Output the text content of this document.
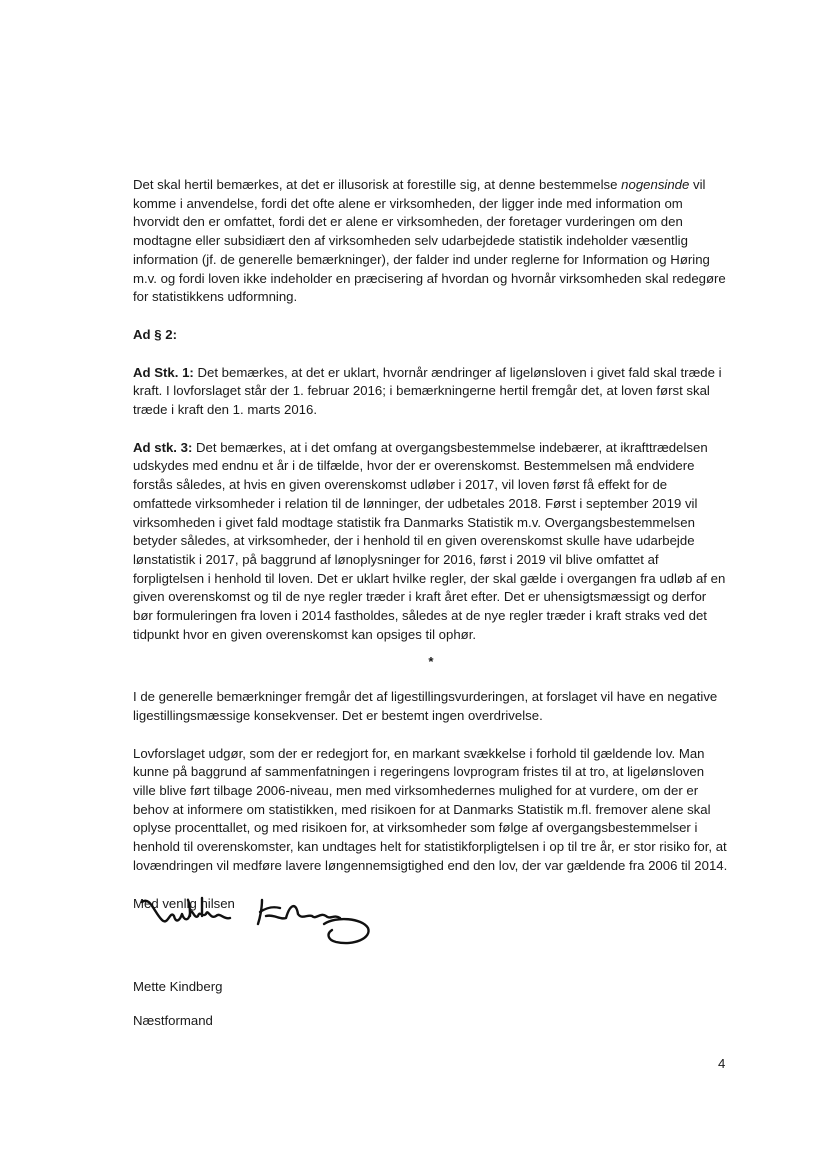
Det skal hertil bemærkes, at det er illusorisk at forestille sig, at denne bestemmelse nogensinde vil komme i anvendelse, fordi det ofte alene er virksomheden, der ligger inde med information om hvorvidt den er omfattet, fordi det er alene er virksomheden, der foretager vurderingen om den modtagne eller subsidiært den af virksomheden selv udarbejdede statistik indeholder væsentlig information (jf. de generelle bemærkninger), der falder ind under reglerne for Information og Høring m.v. og fordi loven ikke indeholder en præcisering af hvordan og hvornår virksomheden skal redegøre for statistikkens udformning.

Ad § 2:

Ad Stk. 1: Det bemærkes, at det er uklart, hvornår ændringer af ligelønsloven i givet fald skal træde i kraft. I lovforslaget står der 1. februar 2016; i bemærkningerne hertil fremgår det, at loven først skal træde i kraft den 1. marts 2016.

Ad stk. 3: Det bemærkes, at i det omfang at overgangsbestemmelse indebærer, at ikrafttrædelsen udskydes med endnu et år i de tilfælde, hvor der er overenskomst. Bestemmelsen må endvidere forstås således, at hvis en given overenskomst udløber i 2017, vil loven først få effekt for de omfattede virksomheder i relation til de lønninger, der udbetales 2018. Først i september 2019 vil virksomheden i givet fald modtage statistik fra Danmarks Statistik m.v. Overgangsbestemmelsen betyder således, at virksomheder, der i henhold til en given overenskomst skulle have udarbejde lønstatistik i 2017, på baggrund af lønoplysninger for 2016, først i 2019 vil blive omfattet af forpligtelsen i henhold til loven. Det er uklart hvilke regler, der skal gælde i overgangen fra udløb af en given overenskomst og til de nye regler træder i kraft året efter. Det er uhensigtsmæssigt og derfor bør formuleringen fra loven i 2014 fastholdes, således at de nye regler træder i kraft straks ved det tidpunkt hvor en given overenskomst kan opsiges til ophør.

*

I de generelle bemærkninger fremgår det af ligestillingsvurderingen, at forslaget vil have en negative ligestillingsmæssige konsekvenser. Det er bestemt ingen overdrivelse.

Lovforslaget udgør, som der er redegjort for, en markant svækkelse i forhold til gældende lov. Man kunne på baggrund af sammenfatningen i regeringens lovprogram fristes til at tro, at ligelønsloven ville blive ført tilbage 2006-niveau, men med virksomhedernes mulighed for at vurdere, om der er behov at informere om statistikken, med risikoen for at Danmarks Statistik m.fl. fremover alene skal oplyse procenttallet, og med risikoen for, at virksomheder som følge af overgangsbestemmelser i henhold til overenskomster, kan undtages helt for statistikforpligtelsen i op til tre år, er stor risiko for, at lovændringen vil medføre lavere løngennemsigtighed end den lov, der var gældende fra 2006 til 2014.

Med venlig hilsen

Mette Kindberg
Næstformand
4
